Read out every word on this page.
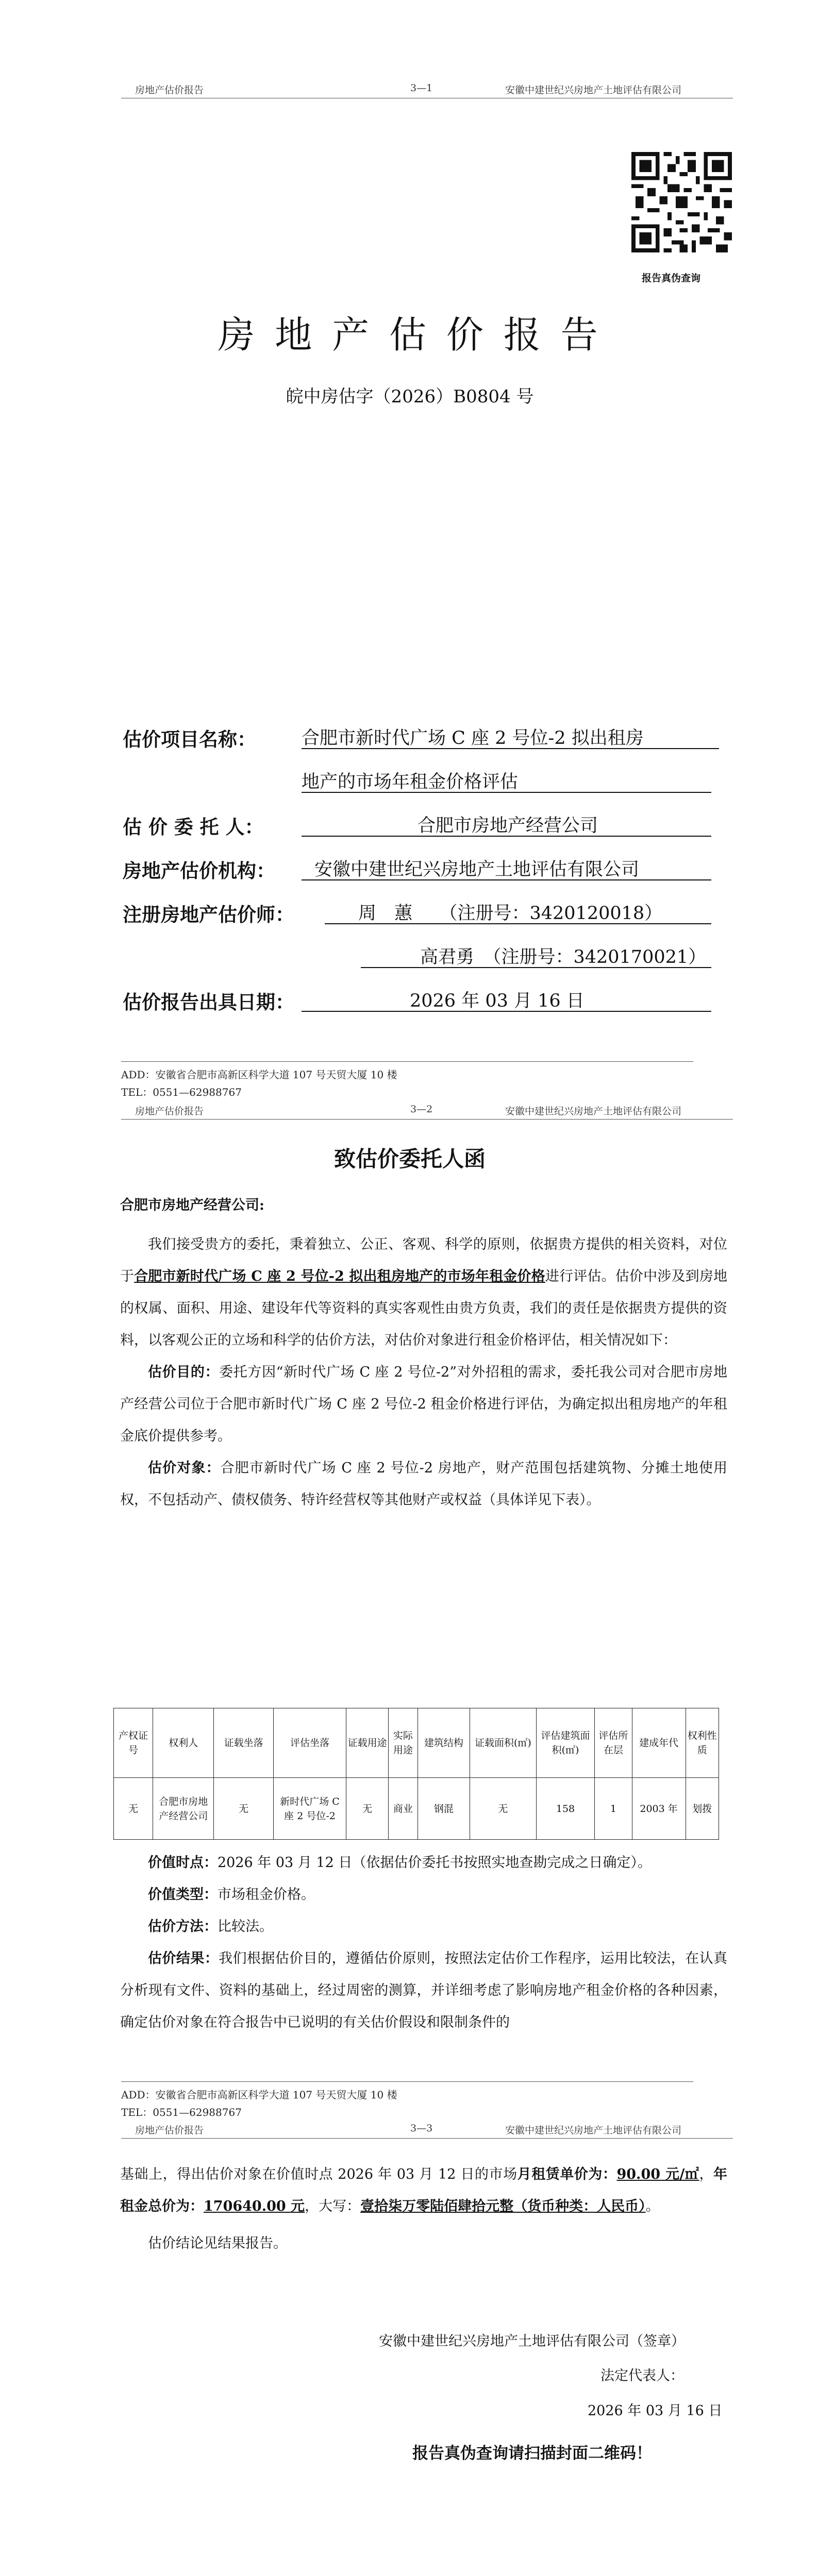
房地产估价报告	3—1	安徽中建世纪兴房地产土地评估有限公司
报告真伪查询
房 地 产 估 价 报 告
皖中房估字（2026）B0804 号
估价项目名称：	合肥市新时代广场 C 座 2 号位-2 拟出租房
地产的市场年租金价格评估
估 价 委 托 人：	合肥市房地产经营公司
房地产估价机构： 安徽中建世纪兴房地产土地评估有限公司
注册房地产估价师：	周　蕙　　（注册号：3420120018）
高君勇　（注册号：3420170021）
估价报告出具日期：	2026 年 03 月 16 日
ADD：安徽省合肥市高新区科学大道 107 号天贸大厦 10 楼
TEL：0551—62988767
房地产估价报告	3—2	安徽中建世纪兴房地产土地评估有限公司
致估价委托人函
合肥市房地产经营公司:

我们接受贵方的委托，秉着独立、公正、客观、科学的原则，依据贵方提供的相关资料，对位于合肥市新时代广场 C 座 2 号位-2 拟出租房地产的市场年租金价格进行评估。估价中涉及到房地的权属、面积、用途、建设年代等资料的真实客观性由贵方负责，我们的责任是依据贵方提供的资料，以客观公正的立场和科学的估价方法，对估价对象进行租金价格评估，相关情况如下：

估价目的：委托方因“新时代广场 C 座 2 号位-2”对外招租的需求，委托我公司对合肥市房地产经营公司位于合肥市新时代广场 C 座 2 号位-2 租金价格进行评估，为确定拟出租房地产的年租金底价提供参考。

估价对象：合肥市新时代广场 C 座 2 号位-2 房地产，财产范围包括建筑物、分摊土地使用权，不包括动产、债权债务、特许经营权等其他财产或权益（具体详见下表）。

产权证号	权利人	证载坐落	评估坐落	证载用途	实际用途	建筑结构	证载面积(㎡)	评估建筑面积(㎡)	评估所在层	建成年代	权利性质
无	合肥市房地产经营公司	无	新时代广场 C 座 2 号位-2	无	商业	钢混	无	158	1	2003 年	划拨

价值时点：2026 年 03 月 12 日（依据估价委托书按照实地查勘完成之日确定）。

价值类型：市场租金价格。

估价方法：比较法。

估价结果：我们根据估价目的，遵循估价原则，按照法定估价工作程序，运用比较法，在认真分析现有文件、资料的基础上，经过周密的测算，并详细考虑了影响房地产租金价格的各种因素，确定估价对象在符合报告中已说明的有关估价假设和限制条件的

ADD：安徽省合肥市高新区科学大道 107 号天贸大厦 10 楼
TEL：0551—62988767
房地产估价报告	3—3	安徽中建世纪兴房地产土地评估有限公司
基础上，得出估价对象在价值时点 2026 年 03 月 12 日的市场月租赁单价为：90.00 元/㎡，年租金总价为：170640.00 元，大写：壹拾柒万零陆佰肆拾元整（货币种类：人民币）。

估价结论见结果报告。

安徽中建世纪兴房地产土地评估有限公司（签章）
法定代表人：
2026 年 03 月 16 日
报告真伪查询请扫描封面二维码！
